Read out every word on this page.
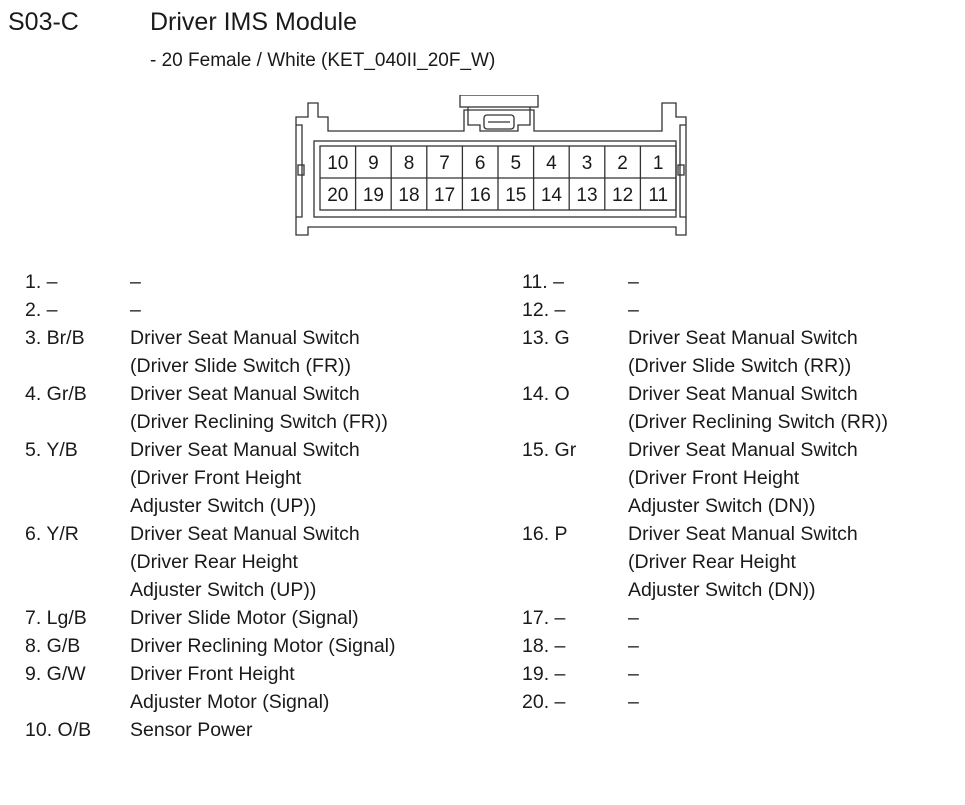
S03-C	Driver IMS Module
- 20 Female / White (KET_040II_20F_W)
10 9 8 7 6 5 4 3 2 1
20 19 18 17 16 15 14 13 12 11
1. –	–
2. –	–
3. Br/B	Driver Seat Manual Switch
(Driver Slide Switch (FR))
4. Gr/B	Driver Seat Manual Switch
(Driver Reclining Switch (FR))
5. Y/B	Driver Seat Manual Switch
(Driver Front Height
Adjuster Switch (UP))
6. Y/R	Driver Seat Manual Switch
(Driver Rear Height
Adjuster Switch (UP))
7. Lg/B	Driver Slide Motor (Signal)
8. G/B	Driver Reclining Motor (Signal)
9. G/W	Driver Front Height
Adjuster Motor (Signal)
10. O/B	Sensor Power
11. –	–
12. –	–
13. G	Driver Seat Manual Switch
(Driver Slide Switch (RR))
14. O	Driver Seat Manual Switch
(Driver Reclining Switch (RR))
15. Gr	Driver Seat Manual Switch
(Driver Front Height
Adjuster Switch (DN))
16. P	Driver Seat Manual Switch
(Driver Rear Height
Adjuster Switch (DN))
17. –	–
18. –	–
19. –	–
20. –	–
